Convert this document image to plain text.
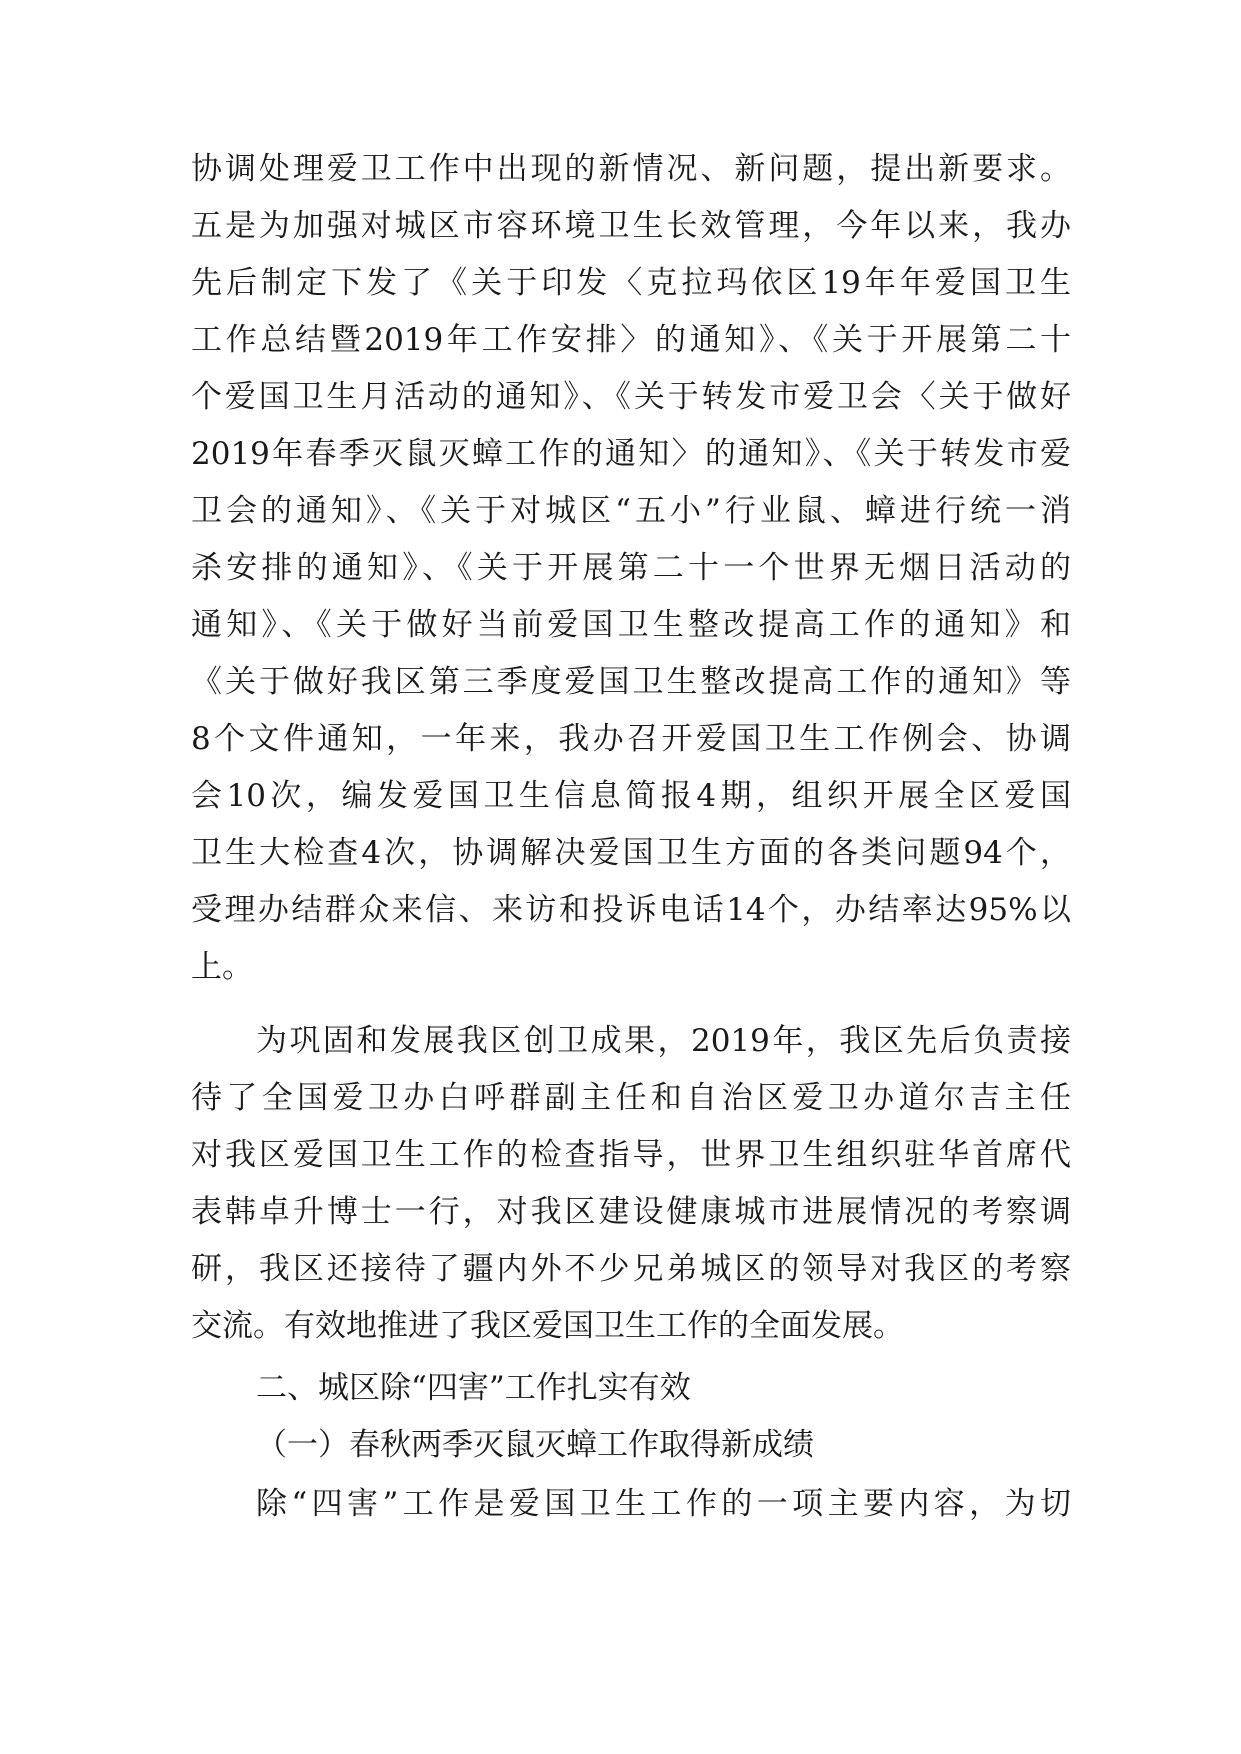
协调处理爱卫工作中出现的新情况、新问题，提出新要求。
五是为加强对城区市容环境卫生长效管理，今年以来，我办
先后制定下发了《关于印发〈克拉玛依区19年年爱国卫生
工作总结暨2019年工作安排〉的通知》、《关于开展第二十
个爱国卫生月活动的通知》、《关于转发市爱卫会〈关于做好
2019年春季灭鼠灭蟑工作的通知〉的通知》、《关于转发市爱
卫会的通知》、《关于对城区“五小”行业鼠、蟑进行统一消
杀安排的通知》、《关于开展第二十一个世界无烟日活动的
通知》、《关于做好当前爱国卫生整改提高工作的通知》和
《关于做好我区第三季度爱国卫生整改提高工作的通知》等
8个文件通知，一年来，我办召开爱国卫生工作例会、协调
会10次，编发爱国卫生信息简报4期，组织开展全区爱国
卫生大检查4次，协调解决爱国卫生方面的各类问题94个，
受理办结群众来信、来访和投诉电话14个，办结率达95%以
上。
为巩固和发展我区创卫成果，2019年，我区先后负责接
待了全国爱卫办白呼群副主任和自治区爱卫办道尔吉主任
对我区爱国卫生工作的检查指导，世界卫生组织驻华首席代
表韩卓升博士一行，对我区建设健康城市进展情况的考察调
研，我区还接待了疆内外不少兄弟城区的领导对我区的考察
交流。有效地推进了我区爱国卫生工作的全面发展。
二、城区除“四害”工作扎实有效
（一）春秋两季灭鼠灭蟑工作取得新成绩
除“四害”工作是爱国卫生工作的一项主要内容，为切
